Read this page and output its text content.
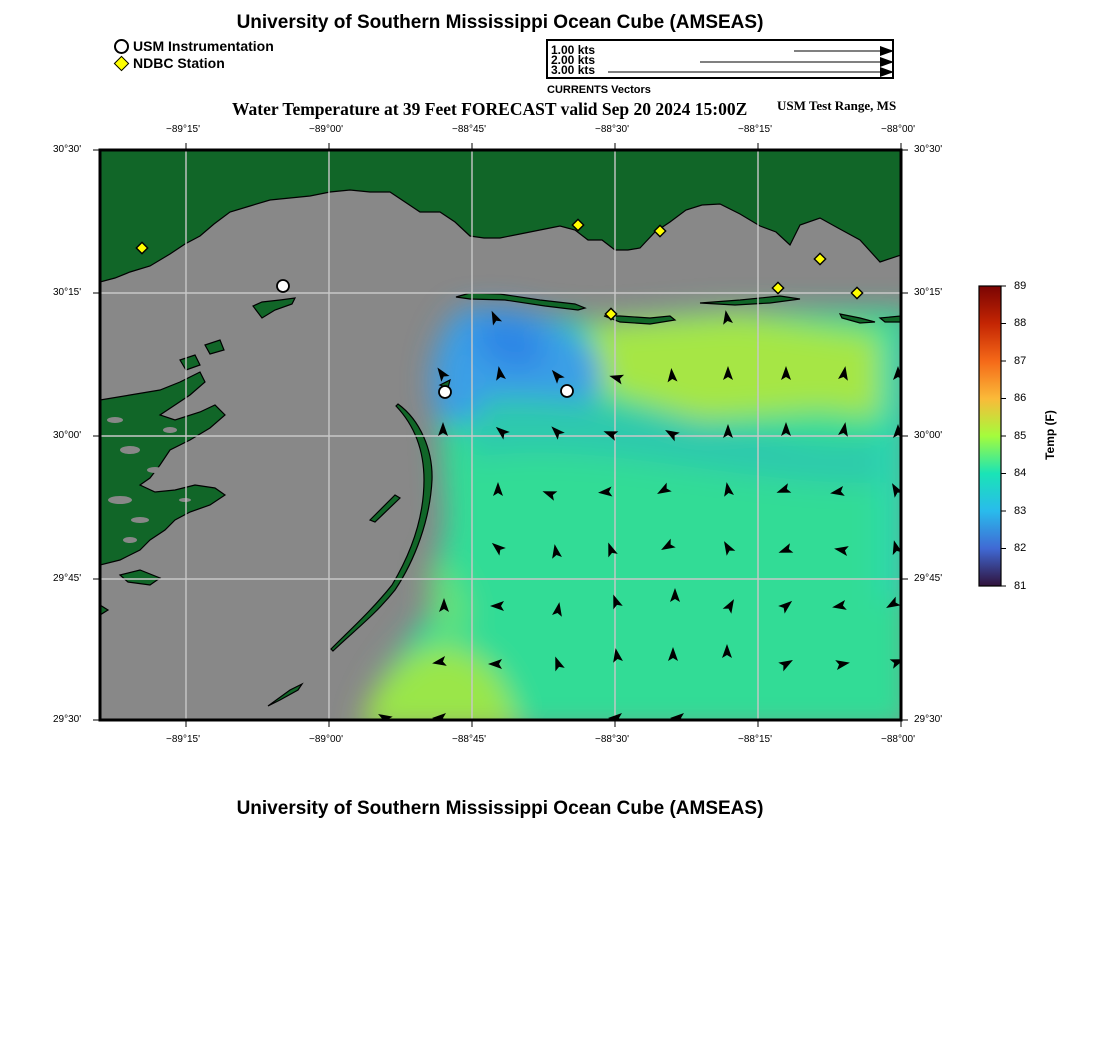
University of Southern Mississippi Ocean Cube (AMSEAS)
USM Instrumentation
NDBC Station
1.00 kts
2.00 kts
3.00 kts
CURRENTS Vectors
Water Temperature at 39 Feet FORECAST valid Sep 20 2024 15:00Z USM Test Range, MS
−89°15'	−89°00'	−88°45'	−88°30'	−88°15'	−88°00'
−89°15'	−89°00'	−88°45'	−88°30'	−88°15'	−88°00'
30°30'
30°15'
30°00'
29°45'
29°30'
30°30'
30°15'
30°00'
29°45'
29°30'
89
88
87
86
85
84
83
82
81
Temp (F)
University of Southern Mississippi Ocean Cube (AMSEAS)
